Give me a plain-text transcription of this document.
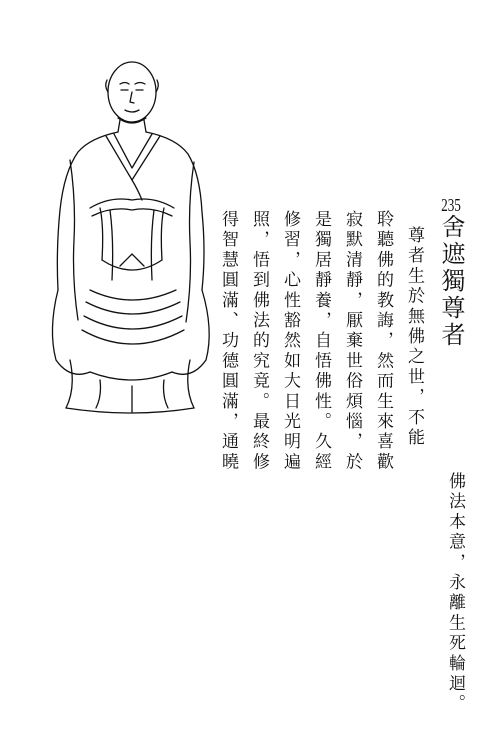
235舍遮獨尊者
尊者生於無佛之世，不能
聆聽佛的教誨，然而生來喜歡
寂默清靜，厭棄世俗煩惱，於
是獨居靜養，自悟佛性。久經
修習，心性豁然如大日光明遍
照，悟到佛法的究竟。最終修
得智慧圓滿、功德圓滿，通曉
佛法本意，永離生死輪迴。
